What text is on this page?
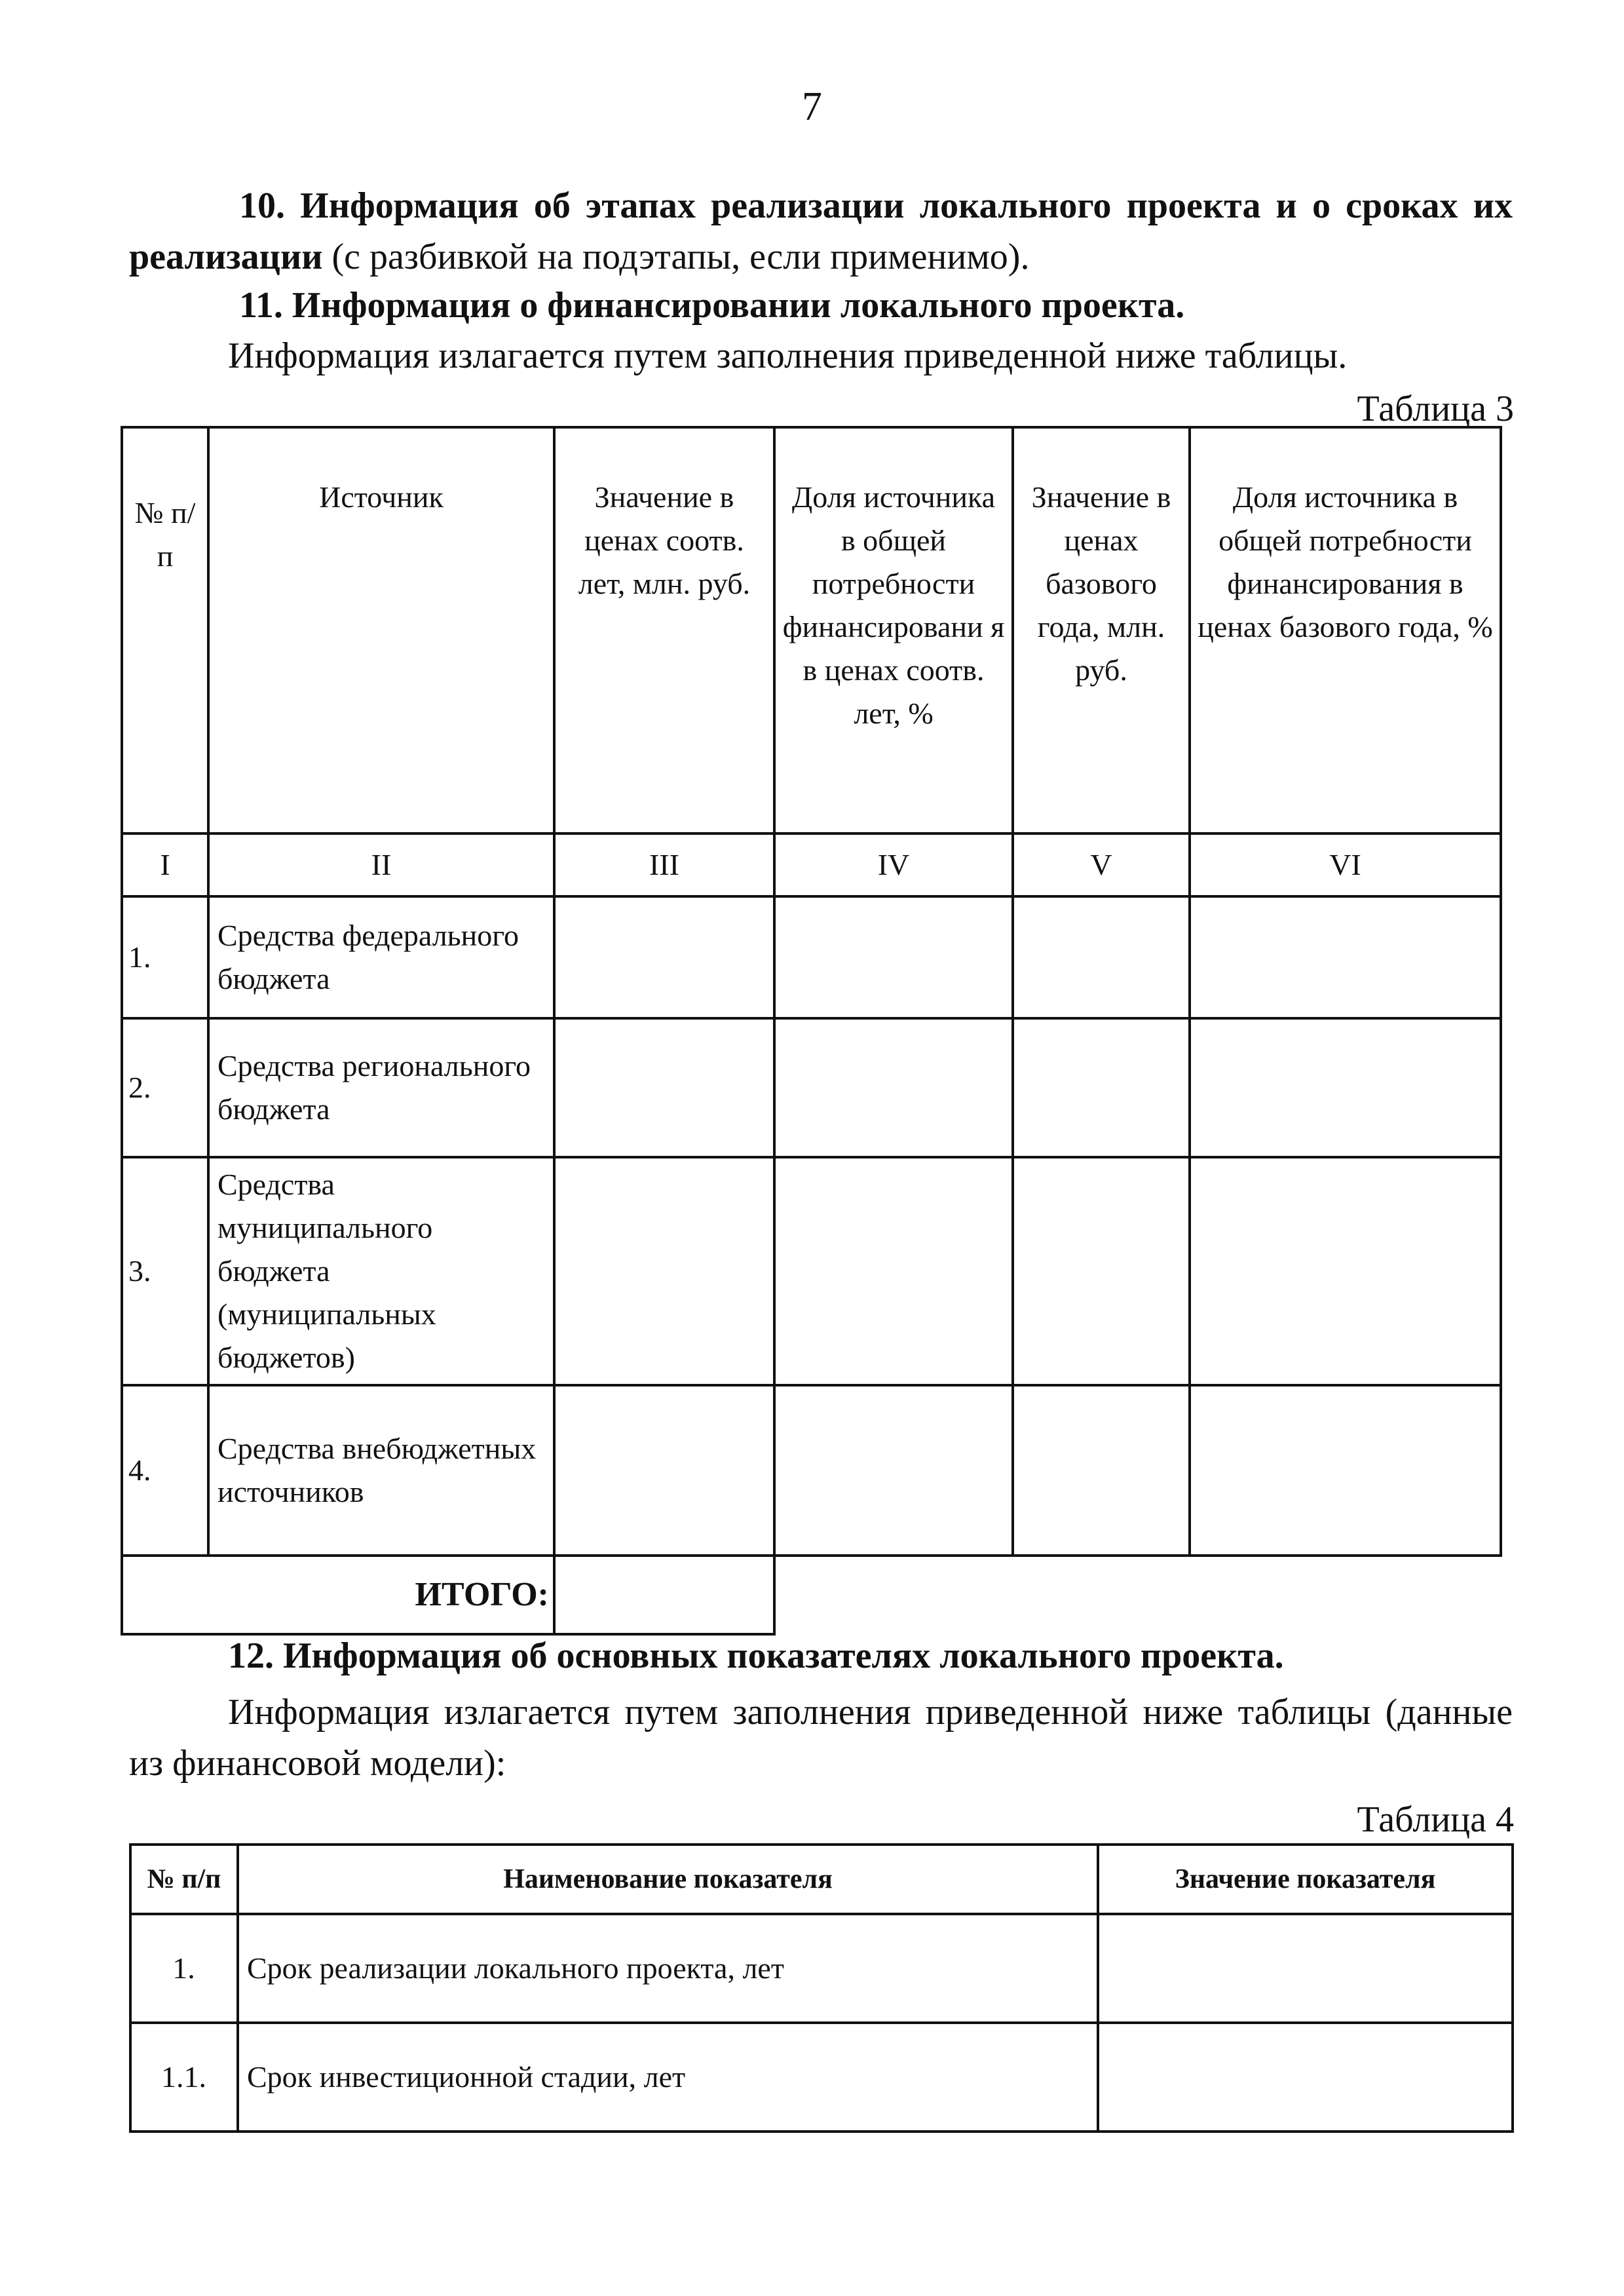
7
10. Информация об этапах реализации локального проекта и о сроках их реализации (с разбивкой на подэтапы, если применимо).
11. Информация о финансировании локального проекта.
Информация излагается путем заполнения приведенной ниже таблицы.
Таблица 3
№ п/п	Источник	Значение в ценах соотв. лет, млн. руб.	Доля источника в общей потребности финансировани я в ценах соотв. лет, %	Значение в ценах базового года, млн. руб.	Доля источника в общей потребности финансирования в ценах базового года, %
I	II	III	IV	V	VI
1.	Средства федерального бюджета				
2.	Средства регионального бюджета				
3.	Средства муниципального бюджета (муниципальных бюджетов)				
4.	Средства внебюджетных источников				
ИТОГО:					
12. Информация об основных показателях локального проекта.
Информация излагается путем заполнения приведенной ниже таблицы (данные из финансовой модели):
Таблица 4
№ п/п	Наименование показателя	Значение показателя
1.	Срок реализации локального проекта, лет	
1.1.	Срок инвестиционной стадии, лет	
